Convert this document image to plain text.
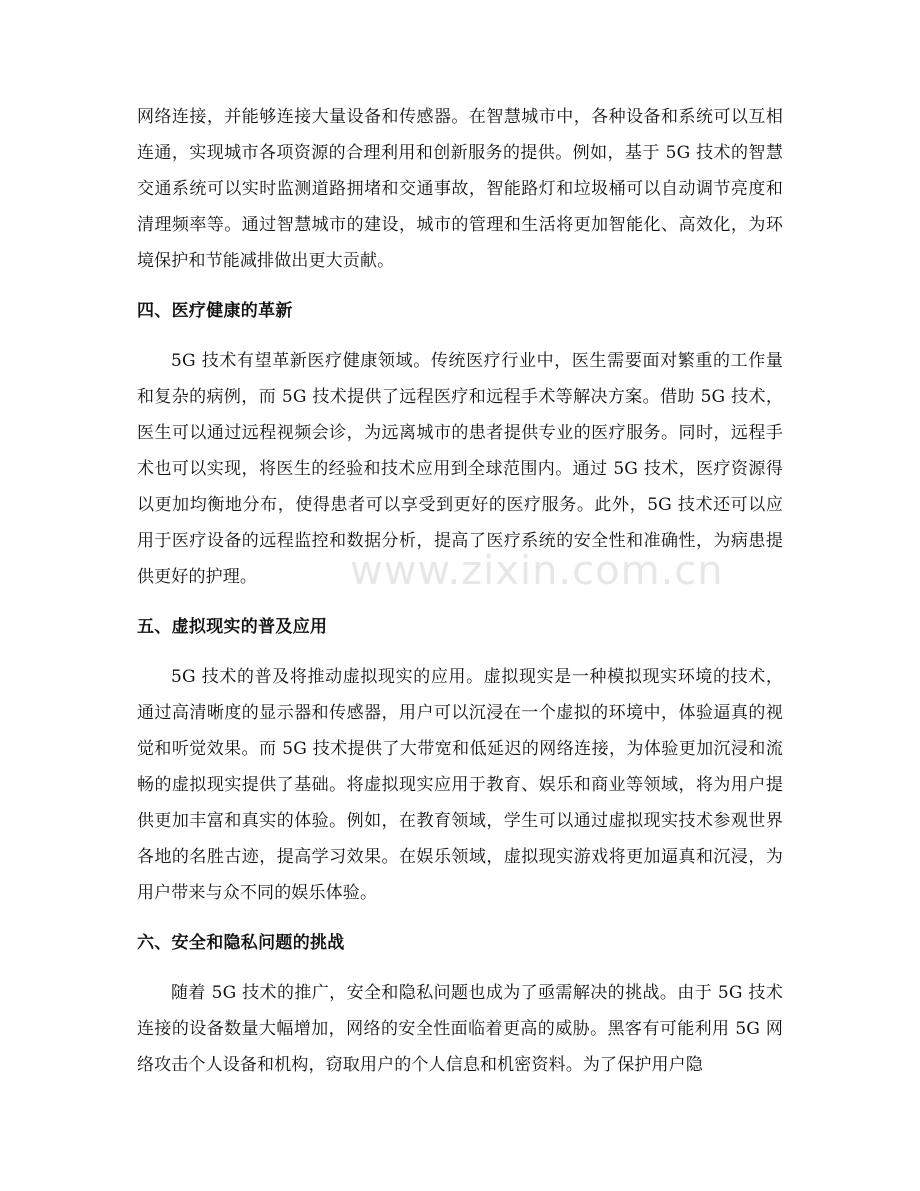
网络连接，并能够连接大量设备和传感器。在智慧城市中，各种设备和系统可以互相连通，实现城市各项资源的合理利用和创新服务的提供。例如，基于 5G 技术的智慧交通系统可以实时监测道路拥堵和交通事故，智能路灯和垃圾桶可以自动调节亮度和清理频率等。通过智慧城市的建设，城市的管理和生活将更加智能化、高效化，为环境保护和节能减排做出更大贡献。

四、医疗健康的革新

5G 技术有望革新医疗健康领域。传统医疗行业中，医生需要面对繁重的工作量和复杂的病例，而 5G 技术提供了远程医疗和远程手术等解决方案。借助 5G 技术，医生可以通过远程视频会诊，为远离城市的患者提供专业的医疗服务。同时，远程手术也可以实现，将医生的经验和技术应用到全球范围内。通过 5G 技术，医疗资源得以更加均衡地分布，使得患者可以享受到更好的医疗服务。此外，5G 技术还可以应用于医疗设备的远程监控和数据分析，提高了医疗系统的安全性和准确性，为病患提供更好的护理。

五、虚拟现实的普及应用

5G 技术的普及将推动虚拟现实的应用。虚拟现实是一种模拟现实环境的技术，通过高清晰度的显示器和传感器，用户可以沉浸在一个虚拟的环境中，体验逼真的视觉和听觉效果。而 5G 技术提供了大带宽和低延迟的网络连接，为体验更加沉浸和流畅的虚拟现实提供了基础。将虚拟现实应用于教育、娱乐和商业等领域，将为用户提供更加丰富和真实的体验。例如，在教育领域，学生可以通过虚拟现实技术参观世界各地的名胜古迹，提高学习效果。在娱乐领域，虚拟现实游戏将更加逼真和沉浸，为用户带来与众不同的娱乐体验。

六、安全和隐私问题的挑战

随着 5G 技术的推广，安全和隐私问题也成为了亟需解决的挑战。由于 5G 技术连接的设备数量大幅增加，网络的安全性面临着更高的威胁。黑客有可能利用 5G 网络攻击个人设备和机构，窃取用户的个人信息和机密资料。为了保护用户隐

www.zixin.com.cn
